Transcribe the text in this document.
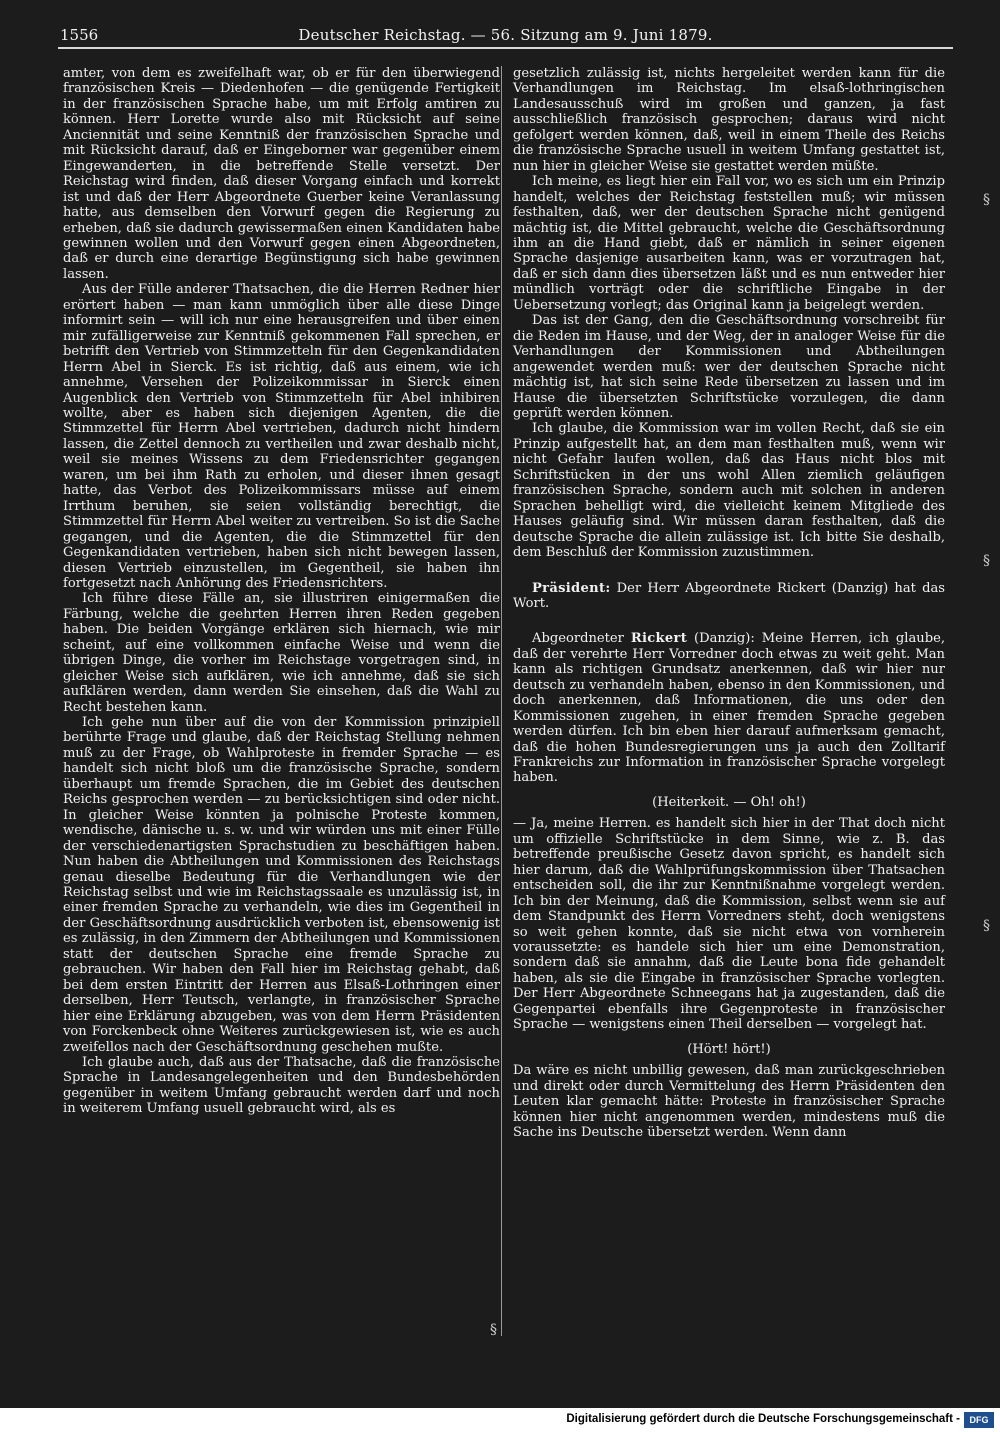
1556	Deutscher Reichstag. — 56. Sitzung am 9. Juni 1879.

amter, von dem es zweifelhaft war, ob er für den überwiegend französischen Kreis — Diedenhofen — die genügende Fertigkeit in der französischen Sprache habe, um mit Erfolg amtiren zu können. Herr Lorette wurde also mit Rücksicht auf seine Anciennität und seine Kenntniß der französischen Sprache und mit Rücksicht darauf, daß er Eingeborner war gegenüber einem Eingewanderten, in die betreffende Stelle versetzt. Der Reichstag wird finden, daß dieser Vorgang einfach und korrekt ist und daß der Herr Abgeordnete Guerber keine Veranlassung hatte, aus demselben den Vorwurf gegen die Regierung zu erheben, daß sie dadurch gewissermaßen einen Kandidaten habe gewinnen wollen und den Vorwurf gegen einen Abgeordneten, daß er durch eine derartige Begünstigung sich habe gewinnen lassen.

Aus der Fülle anderer Thatsachen, die die Herren Redner hier erörtert haben — man kann unmöglich über alle diese Dinge informirt sein — will ich nur eine herausgreifen und über einen mir zufälligerweise zur Kenntniß gekommenen Fall sprechen, er betrifft den Vertrieb von Stimmzetteln für den Gegenkandidaten Herrn Abel in Sierck. Es ist richtig, daß aus einem, wie ich annehme, Versehen der Polizeikommissar in Sierck einen Augenblick den Vertrieb von Stimmzetteln für Abel inhibiren wollte, aber es haben sich diejenigen Agenten, die die Stimmzettel für Herrn Abel vertrieben, dadurch nicht hindern lassen, die Zettel dennoch zu vertheilen und zwar deshalb nicht, weil sie meines Wissens zu dem Friedensrichter gegangen waren, um bei ihm Rath zu erholen, und dieser ihnen gesagt hatte, das Verbot des Polizeikommissars müsse auf einem Irrthum beruhen, sie seien vollständig berechtigt, die Stimmzettel für Herrn Abel weiter zu vertreiben. So ist die Sache gegangen, und die Agenten, die die Stimmzettel für den Gegenkandidaten vertrieben, haben sich nicht bewegen lassen, diesen Vertrieb einzustellen, im Gegentheil, sie haben ihn fortgesetzt nach Anhörung des Friedensrichters.

Ich führe diese Fälle an, sie illustriren einigermaßen die Färbung, welche die geehrten Herren ihren Reden gegeben haben. Die beiden Vorgänge erklären sich hiernach, wie mir scheint, auf eine vollkommen einfache Weise und wenn die übrigen Dinge, die vorher im Reichstage vorgetragen sind, in gleicher Weise sich aufklären, wie ich annehme, daß sie sich aufklären werden, dann werden Sie einsehen, daß die Wahl zu Recht bestehen kann.

Ich gehe nun über auf die von der Kommission prinzipiell berührte Frage und glaube, daß der Reichstag Stellung nehmen muß zu der Frage, ob Wahlproteste in fremder Sprache — es handelt sich nicht bloß um die französische Sprache, sondern überhaupt um fremde Sprachen, die im Gebiet des deutschen Reichs gesprochen werden — zu berücksichtigen sind oder nicht. In gleicher Weise könnten ja polnische Proteste kommen, wendische, dänische u. s. w. und wir würden uns mit einer Fülle der verschiedenartigsten Sprachstudien zu beschäftigen haben. Nun haben die Abtheilungen und Kommissionen des Reichstags genau dieselbe Bedeutung für die Verhandlungen wie der Reichstag selbst und wie im Reichstagssaale es unzulässig ist, in einer fremden Sprache zu verhandeln, wie dies im Gegentheil in der Geschäftsordnung ausdrücklich verboten ist, ebensowenig ist es zulässig, in den Zimmern der Abtheilungen und Kommissionen statt der deutschen Sprache eine fremde Sprache zu gebrauchen. Wir haben den Fall hier im Reichstag gehabt, daß bei dem ersten Eintritt der Herren aus Elsaß-Lothringen einer derselben, Herr Teutsch, verlangte, in französischer Sprache hier eine Erklärung abzugeben, was von dem Herrn Präsidenten von Forckenbeck ohne Weiteres zurückgewiesen ist, wie es auch zweifellos nach der Geschäftsordnung geschehen mußte.

Ich glaube auch, daß aus der Thatsache, daß die französische Sprache in Landesangelegenheiten und den Bundesbehörden gegenüber in weitem Umfang gebraucht werden darf und noch in weiterem Umfang usuell gebraucht wird, als es

gesetzlich zulässig ist, nichts hergeleitet werden kann für die Verhandlungen im Reichstag. Im elsaß-lothringischen Landesausschuß wird im großen und ganzen, ja fast ausschließlich französisch gesprochen; daraus wird nicht gefolgert werden können, daß, weil in einem Theile des Reichs die französische Sprache usuell in weitem Umfang gestattet ist, nun hier in gleicher Weise sie gestattet werden müßte.

Ich meine, es liegt hier ein Fall vor, wo es sich um ein Prinzip handelt, welches der Reichstag feststellen muß; wir müssen festhalten, daß, wer der deutschen Sprache nicht genügend mächtig ist, die Mittel gebraucht, welche die Geschäftsordnung ihm an die Hand giebt, daß er nämlich in seiner eigenen Sprache dasjenige ausarbeiten kann, was er vorzutragen hat, daß er sich dann dies übersetzen läßt und es nun entweder hier mündlich vorträgt oder die schriftliche Eingabe in der Uebersetzung vorlegt; das Original kann ja beigelegt werden.

Das ist der Gang, den die Geschäftsordnung vorschreibt für die Reden im Hause, und der Weg, der in analoger Weise für die Verhandlungen der Kommissionen und Abtheilungen angewendet werden muß: wer der deutschen Sprache nicht mächtig ist, hat sich seine Rede übersetzen zu lassen und im Hause die übersetzten Schriftstücke vorzulegen, die dann geprüft werden können.

Ich glaube, die Kommission war im vollen Recht, daß sie ein Prinzip aufgestellt hat, an dem man festhalten muß, wenn wir nicht Gefahr laufen wollen, daß das Haus nicht blos mit Schriftstücken in der uns wohl Allen ziemlich geläufigen französischen Sprache, sondern auch mit solchen in anderen Sprachen behelligt wird, die vielleicht keinem Mitgliede des Hauses geläufig sind. Wir müssen daran festhalten, daß die deutsche Sprache die allein zulässige ist. Ich bitte Sie deshalb, dem Beschluß der Kommission zuzustimmen.

Präsident: Der Herr Abgeordnete Rickert (Danzig) hat das Wort.

Abgeordneter Rickert (Danzig): Meine Herren, ich glaube, daß der verehrte Herr Vorredner doch etwas zu weit geht. Man kann als richtigen Grundsatz anerkennen, daß wir hier nur deutsch zu verhandeln haben, ebenso in den Kommissionen, und doch anerkennen, daß Informationen, die uns oder den Kommissionen zugehen, in einer fremden Sprache gegeben werden dürfen. Ich bin eben hier darauf aufmerksam gemacht, daß die hohen Bundesregierungen uns ja auch den Zolltarif Frankreichs zur Information in französischer Sprache vorgelegt haben.

(Heiterkeit. — Oh! oh!)

— Ja, meine Herren. es handelt sich hier in der That doch nicht um offizielle Schriftstücke in dem Sinne, wie z. B. das betreffende preußische Gesetz davon spricht, es handelt sich hier darum, daß die Wahlprüfungskommission über Thatsachen entscheiden soll, die ihr zur Kenntnißnahme vorgelegt werden. Ich bin der Meinung, daß die Kommission, selbst wenn sie auf dem Standpunkt des Herrn Vorredners steht, doch wenigstens so weit gehen konnte, daß sie nicht etwa von vornherein voraussetzte: es handele sich hier um eine Demonstration, sondern daß sie annahm, daß die Leute bona fide gehandelt haben, als sie die Eingabe in französischer Sprache vorlegten. Der Herr Abgeordnete Schneegans hat ja zugestanden, daß die Gegenpartei ebenfalls ihre Gegenproteste in französischer Sprache — wenigstens einen Theil derselben — vorgelegt hat.

(Hört! hört!)

Da wäre es nicht unbillig gewesen, daß man zurückgeschrieben und direkt oder durch Vermittelung des Herrn Präsidenten den Leuten klar gemacht hätte: Proteste in französischer Sprache können hier nicht angenommen werden, mindestens muß die Sache ins Deutsche übersetzt werden. Wenn dann

§
§
§
§
Digitalisierung gefördert durch die Deutsche Forschungsgemeinschaft -	DFG
